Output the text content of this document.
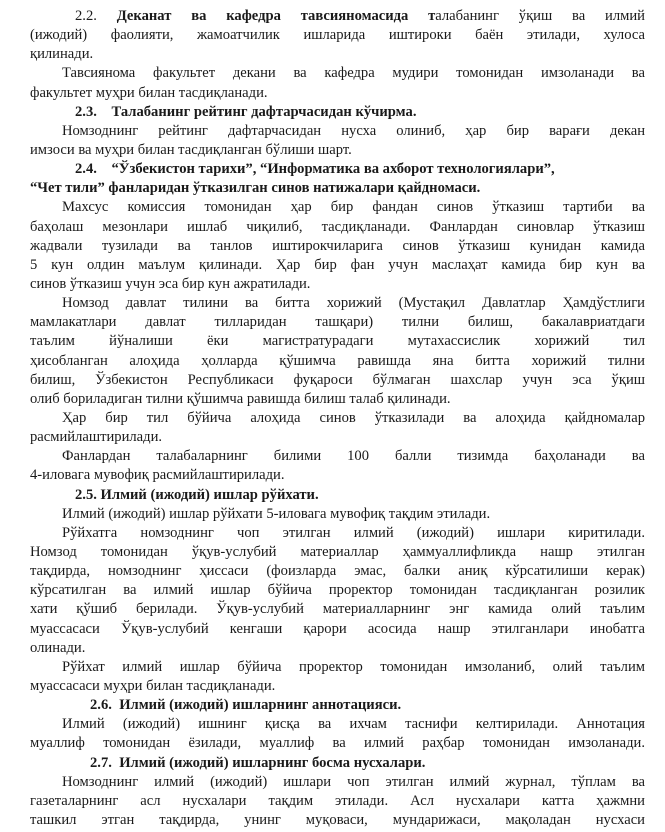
2.2. Деканат ва кафедра тавсияномасида талабанинг ўқиш ва илмий
(ижодий) фаолияти, жамоатчилик ишларида иштироки баён этилади, хулоса
қилинади.
Тавсиянома факультет декани ва кафедра мудири томонидан имзоланади ва
факультет муҳри билан тасдиқланади.
2.3.    Талабанинг рейтинг дафтарчасидан кўчирма.
Номзоднинг рейтинг дафтарчасидан нусха олиниб, ҳар бир варағи декан
имзоси ва муҳри билан тасдиқланган бўлиши шарт.
2.4.    “Ўзбекистон тарихи”, “Информатика ва ахборот технологиялари”,
“Чет тили” фанларидан ўтказилган синов натижалари қайдномаси.
Махсус комиссия томонидан ҳар бир фандан синов ўтказиш тартиби ва
баҳолаш мезонлари ишлаб чиқилиб, тасдиқланади. Фанлардан синовлар ўтказиш
жадвали тузилади ва танлов иштирокчиларига синов ўтказиш кунидан камида
5 кун олдин маълум қилинади. Ҳар бир фан учун маслаҳат камида бир кун ва
синов ўтказиш учун эса бир кун ажратилади.
Номзод давлат тилини ва битта хорижий (Мустақил Давлатлар Ҳамдўстлиги
мамлакатлари давлат тилларидан ташқари) тилни билиш, бакалавриатдаги
таълим йўналиши ёки магистратурадаги мутахассислик хорижий тил
ҳисобланган алоҳида ҳолларда қўшимча равишда яна битта хорижий тилни
билиш, Ўзбекистон Республикаси фуқароси бўлмаган шахслар учун эса ўқиш
олиб бориладиган тилни қўшимча равишда билиш талаб қилинади.
Ҳар бир тил бўйича алоҳида синов ўтказилади ва алоҳида қайдномалар
расмийлаштирилади.
Фанлардан талабаларнинг билими 100 балли тизимда баҳоланади ва
4-иловага мувофиқ расмийлаштирилади.
2.5. Илмий (ижодий) ишлар рўйхати.
Илмий (ижодий) ишлар рўйхати 5-иловага мувофиқ тақдим этилади.
Рўйхатга номзоднинг чоп этилган илмий (ижодий) ишлари киритилади.
Номзод томонидан ўқув-услубий материаллар ҳаммуаллифликда нашр этилган
тақдирда, номзоднинг ҳиссаси (фоизларда эмас, балки аниқ кўрсатилиши керак)
кўрсатилган ва илмий ишлар бўйича проректор томонидан тасдиқланган розилик
хати қўшиб берилади. Ўқув-услубий материалларнинг энг камида олий таълим
муассасаси Ўқув-услубий кенгаши қарори асосида нашр этилганлари инобатга
олинади.
Рўйхат илмий ишлар бўйича проректор томонидан имзоланиб, олий таълим
муассасаси муҳри билан тасдиқланади.
2.6.  Илмий (ижодий) ишларнинг аннотацияси.
Илмий (ижодий) ишнинг қисқа ва ихчам таснифи келтирилади. Аннотация
муаллиф томонидан ёзилади, муаллиф ва илмий раҳбар томонидан имзоланади.
2.7.  Илмий (ижодий) ишларнинг босма нусхалари.
Номзоднинг илмий (ижодий) ишлари чоп этилган илмий журнал, тўплам ва
газеталарнинг асл нусхалари тақдим этилади. Асл нусхалари катта ҳажмни
ташкил этган тақдирда, унинг муқоваси, мундарижаси, мақоладан нусхаси
